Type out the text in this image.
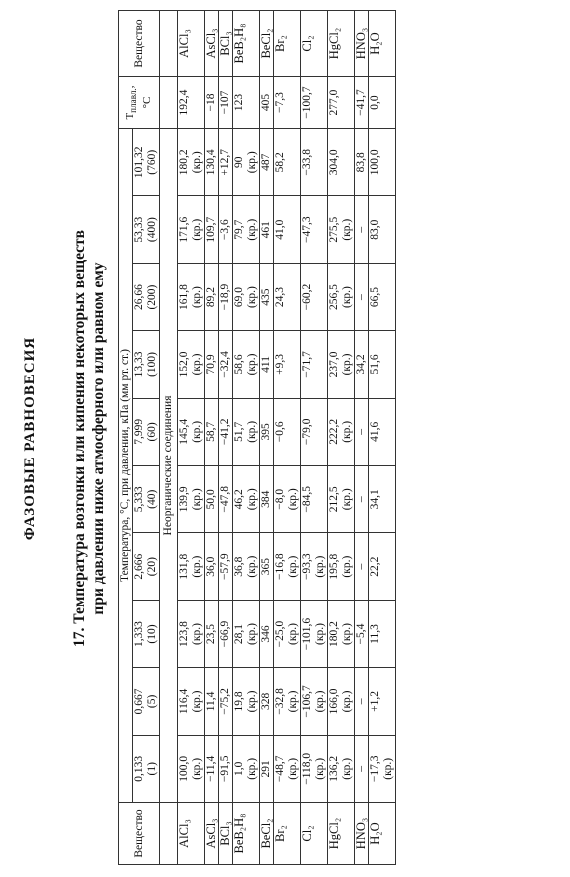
ФАЗОВЫЕ РАВНОВЕСИЯ 17. Температура возгонки или кипения некоторых веществ при давлении ниже атмосферного или равном ему
Вещество	Температура, °С, при давлении, кПа (мм рт. ст.)										$T_{плавл.}$,
°C	Вещество

	0,133 (1)	0,667 (5)	1,333 (10)	2,666 (20)	5,333 (40)	7,999 (60)	13,33 (100)	26,66 (200)	53,33 (400)	101,32 (760)		

	Неорганические соединения											
AlCl₃	100,0 (кр.)	116,4 (кр.)	123,8 (кр.)	131,8 (кр.)	139,9 (кр.)	145,4 (кр.)	152,0 (кр.)	161,8 (кр.)	171,6 (кр.)	180,2 (кр.)	192,4	AlCl₃
AsCl₃	−11,4	11,4	23,5	36,0	50,0	58,7	70,9	89,2	109,7	130,4	−18	AsCl₃
BCl₃	−91,5	−75,2	−66,9	−57,9	−47,8	−41,2	−32,4	−18,9	−3,6	+12,7	−107	BCl₃
BeB₂H₈	1,0 (кр.)	19,8 (кр.)	28,1 (кр.)	36,8 (кр.)	46,2 (кр.)	51,7 (кр.)	58,6 (кр.)	69,0 (кр.)	79,7 (кр.)	90 (кр.)	123	BeB₂H₈
BeCl₂	291	328	346	365	384	395	411	435	461	487	405	BeCl₂
Br₂	−48,7 (кр.)	−32,8 (кр.)	−25,0 (кр.)	−16,8 (кр.)	−8,0 (кр.)	−0,6	+9,3	24,3	41,0	58,2	−7,3	Br₂
Cl₂	−118,0 (кр.)	−106,7 (кр.)	−101,6 (кр.)	−93,3 (кр.)	−84,5	−79,0	−71,7	−60,2	−47,3	−33,8	−100,7	Cl₂
HgCl₂	136,2 (кр.)	166,0 (кр.)	180,2 (кр.)	195,8 (кр.)	212,5 (кр.)	222,2 (кр.)	237,0 (кр.)	256,5 (кр.)	275,5 (кр.)	304,0	277,0	HgCl₂
HNO₃	–	–	−5,4	–	–	–	34,2	–	–	83,8	−41,7	HNO₃
H₂O	−17,3 (кр.)	+1,2	11,3	22,2	34,1	41,6	51,6	66,5	83,0	100,0	0,0	H₂O
